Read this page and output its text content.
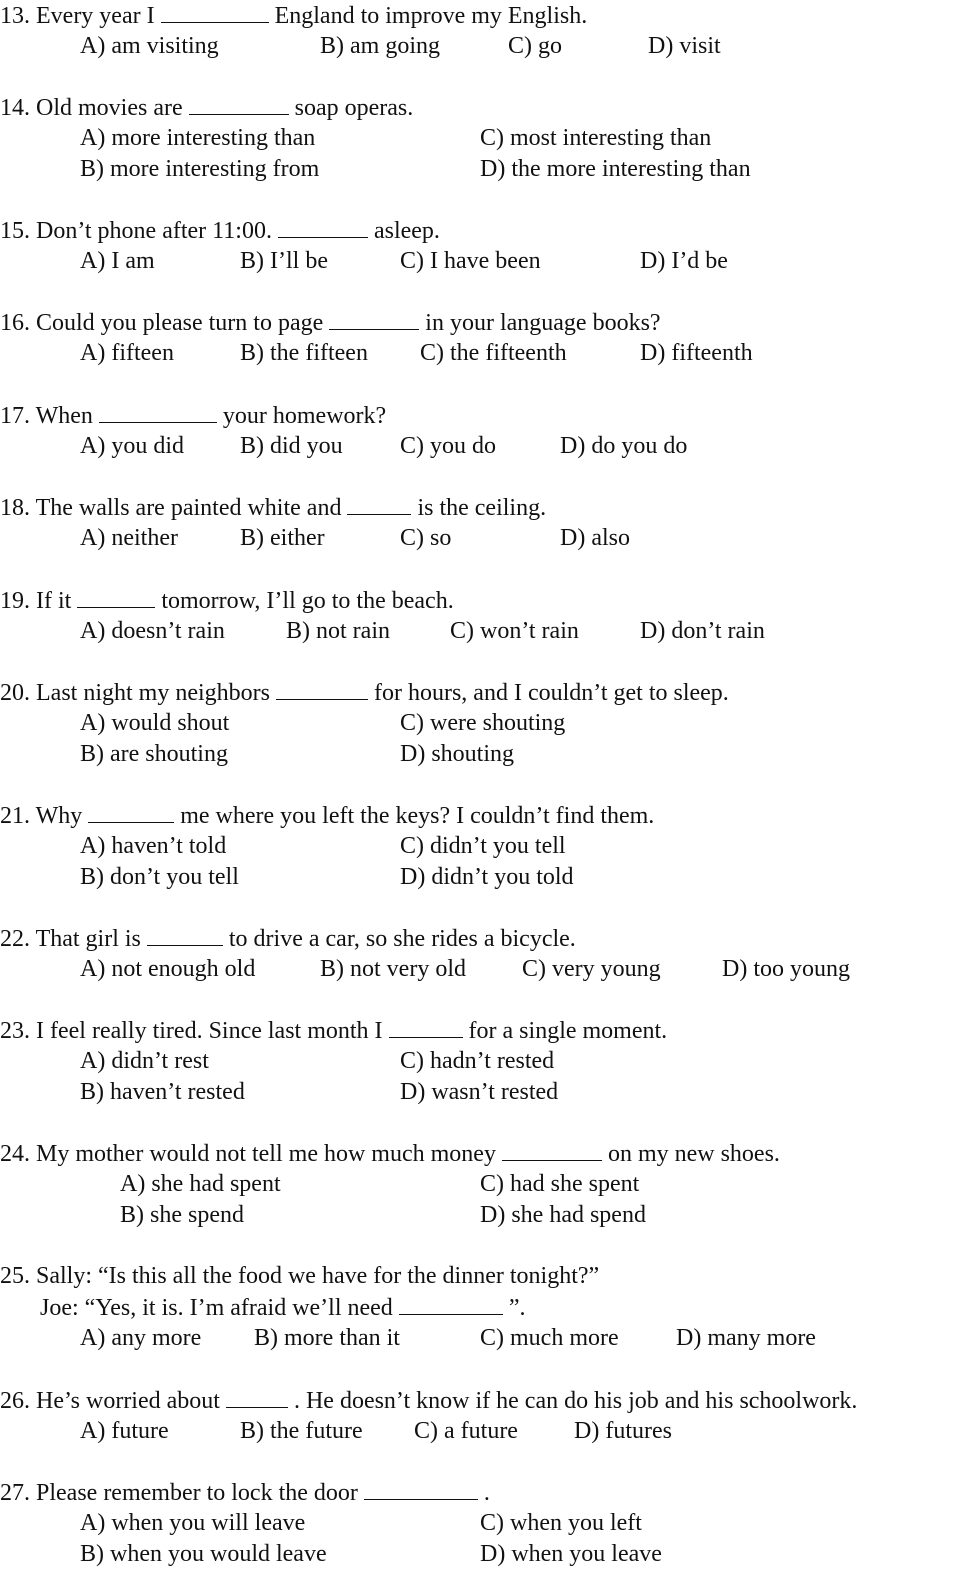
13. Every year I	England to improve my English.
A) am visiting	B) am going	C) go	D) visit
14. Old movies are	soap operas.
A) more interesting than	C) most interesting than
B) more interesting from	D) the more interesting than
15. Don’t phone after 11:00.	asleep.
A) I am	B) I’ll be	C) I have been	D) I’d be
16. Could you please turn to page	in your language books?
A) fifteen	B) the fifteen C) the fifteenth	D) fifteenth
17. When	your homework?
A) you did B) did you C) you do	D) do you do
18. The walls are painted white and	is the ceiling.
A) neither	B) either	C) so	D) also
19. If it	tomorrow, I’ll go to the beach.
A) doesn’t rain	B) not rain	C) won’t rain	D) don’t rain
20. Last night my neighbors	for hours, and I couldn’t get to sleep.
A) would shout	C) were shouting
B) are shouting	D) shouting
21. Why	me where you left the keys? I couldn’t find them.
A) haven’t told	C) didn’t you tell
B) don’t you tell	D) didn’t you told
22. That girl is	to drive a car, so she rides a bicycle.
A) not enough old	B) not very old C) very young	D) too young
23. I feel really tired. Since last month I	for a single moment.
A) didn’t rest	C) hadn’t rested
B) haven’t rested	D) wasn’t rested
24. My mother would not tell me how much money	on my new shoes.
A) she had spent	C) had she spent
B) she spend	D) she had spend
25. Sally: “Is this all the food we have for the dinner tonight?”
Joe: “Yes, it is. I’m afraid we’ll need	”.
A) any more B) more than it	C) much more D) many more
26. He’s worried about	. He doesn’t know if he can do his job and his schoolwork.
A) future	B) the future C) a future D) futures
27. Please remember to lock the door	.
A) when you will leave	C) when you left
B) when you would leave	D) when you leave
